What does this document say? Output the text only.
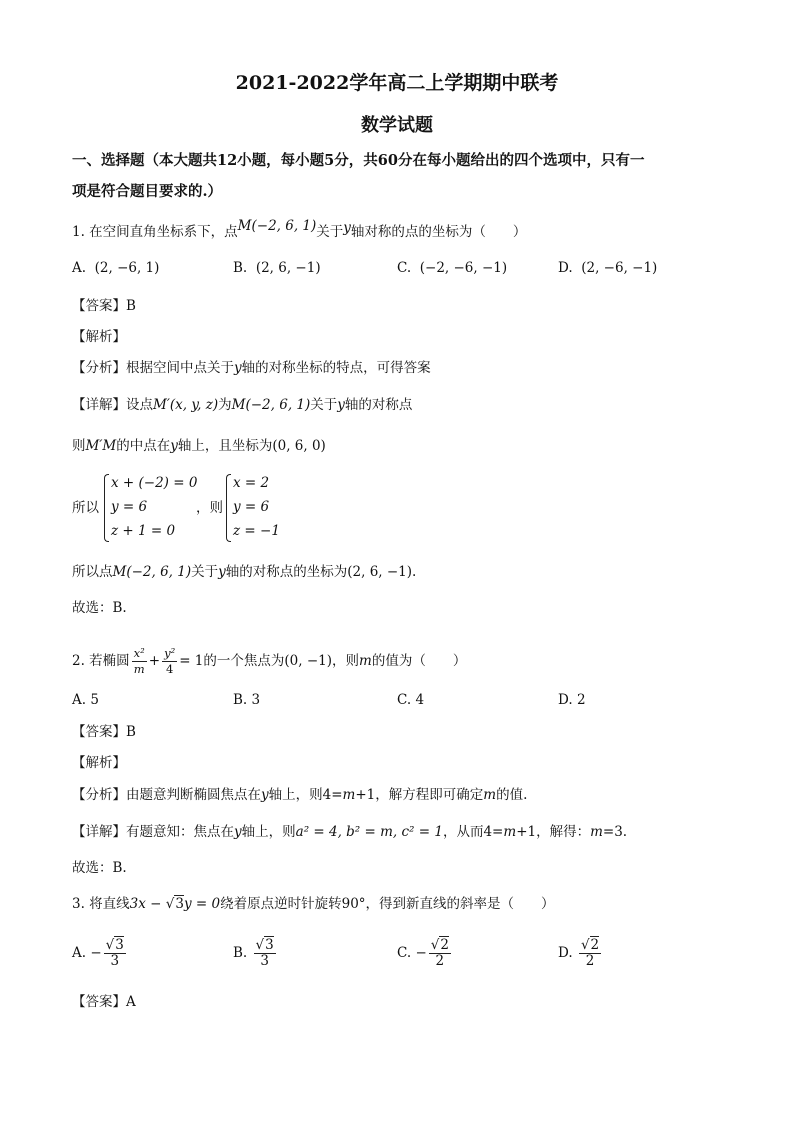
2021-2022学年高二上学期期中联考
数学试题
一、选择题（本大题共12小题，每小题5分，共60分在每小题给出的四个选项中，只有一
项是符合题目要求的.）
1. 在空间直角坐标系下，点M(−2, 6, 1)关于y轴对称的点的坐标为（　　）
A. (2, −6, 1)	B. (2, 6, −1)	C. (−2, −6, −1)	D. (2, −6, −1)
【答案】B
【解析】
【分析】根据空间中点关于y轴的对称坐标的特点，可得答案
【详解】设点M′(x, y, z)为M(−2, 6, 1)关于y轴的对称点
则M′M的中点在y轴上，且坐标为(0, 6, 0)
所以
x + (−2) = 0
y = 6
z + 1 = 0
，则
x = 2
y = 6
z = −1
所以点M(−2, 6, 1)关于y轴的对称点的坐标为(2, 6, −1).
故选：B.
2. 若椭圆 $\frac{\text{x²}}{m} + \frac{\text{y²}}{4} = 1$的一个焦点为(0, −1)，则m的值为（　　）
A. 5	B. 3	C. 4	D. 2
【答案】B
【解析】
【分析】由题意判断椭圆焦点在y轴上，则4=m+1，解方程即可确定m的值.
【详解】有题意知：焦点在y轴上，则a² = 4, b² = m, c² = 1，从而4=m+1，解得：m=3.
故选：B.
3. 将直线3x − √3y = 0绕着原点逆时针旋转90°，得到新直线的斜率是（　　）
A. − $\frac{√3}{3}$	B. $\frac{√3}{3}$	C. − $\frac{√2}{2}$	D. $\frac{√2}{2}$
【答案】A
